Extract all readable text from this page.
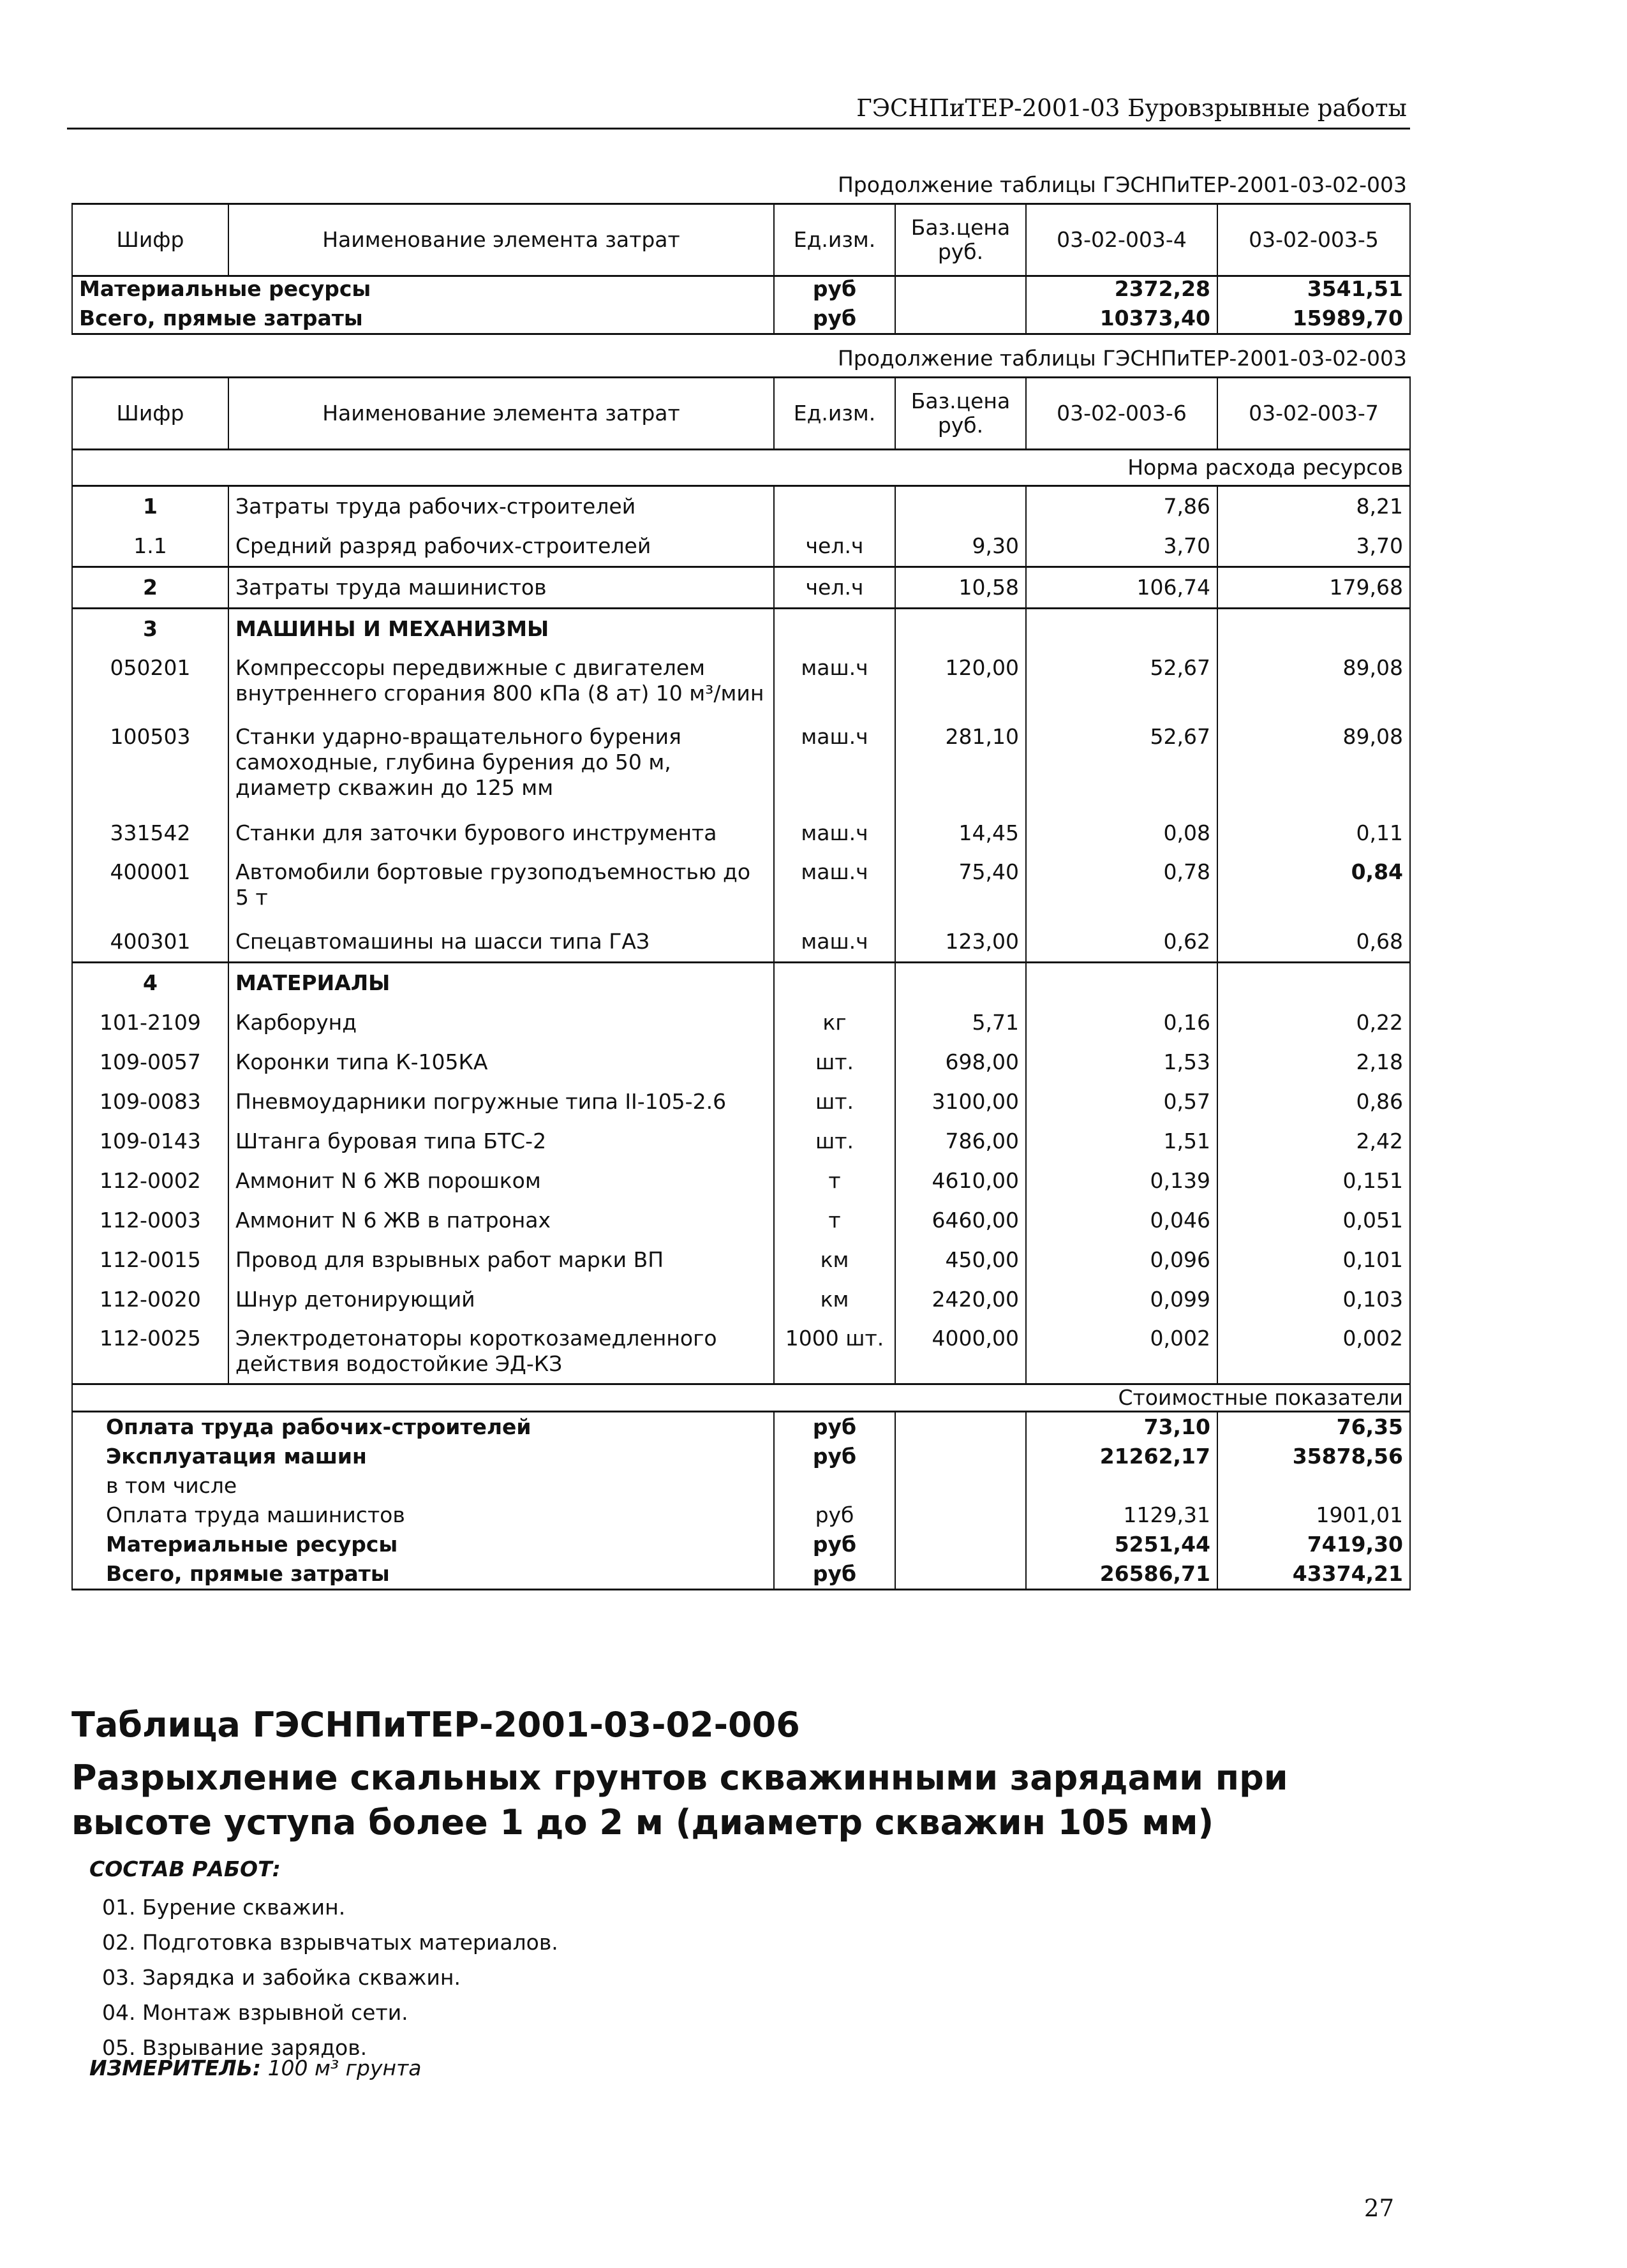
ГЭСНПиТЕР-2001-03 Буровзрывные работы
Продолжение таблицы ГЭСНПиТЕР-2001-03-02-003
Шифр	Наименование элемента затрат	Ед.изм.	Баз.цена руб.	03-02-003-4	03-02-003-5
Материальные ресурсы	руб		2372,28	3541,51
Всего, прямые затраты	руб		10373,40	15989,70
Продолжение таблицы ГЭСНПиТЕР-2001-03-02-003
Шифр	Наименование элемента затрат	Ед.изм.	Баз.цена руб.	03-02-003-6	03-02-003-7
Норма расхода ресурсов					
1	Затраты труда рабочих-строителей			7,86	8,21
1.1	Средний разряд рабочих-строителей	чел.ч	9,30	3,70	3,70
2	Затраты труда машинистов	чел.ч	10,58	106,74	179,68
3	МАШИНЫ И МЕХАНИЗМЫ				
050201	Компрессоры передвижные с двигателем внутреннего сгорания 800 кПа (8 ат) 10 м³/мин	маш.ч	120,00	52,67	89,08
100503	Станки ударно-вращательного бурения самоходные, глубина бурения до 50 м, диаметр скважин до 125 мм	маш.ч	281,10	52,67	89,08
331542	Станки для заточки бурового инструмента	маш.ч	14,45	0,08	0,11
400001	Автомобили бортовые грузоподъемностью до 5 т	маш.ч	75,40	0,78	0,84
400301	Спецавтомашины на шасси типа ГАЗ	маш.ч	123,00	0,62	0,68
4	МАТЕРИАЛЫ				
101-2109	Карборунд	кг	5,71	0,16	0,22
109-0057	Коронки типа К-105КА	шт.	698,00	1,53	2,18
109-0083	Пневмоударники погружные типа II-105-2.6	шт.	3100,00	0,57	0,86
109-0143	Штанга буровая типа БТС-2	шт.	786,00	1,51	2,42
112-0002	Аммонит N 6 ЖВ порошком	т	4610,00	0,139	0,151
112-0003	Аммонит N 6 ЖВ в патронах	т	6460,00	0,046	0,051
112-0015	Провод для взрывных работ марки ВП	км	450,00	0,096	0,101
112-0020	Шнур детонирующий	км	2420,00	0,099	0,103
112-0025	Электродетонаторы короткозамедленного действия водостойкие ЭД-КЗ	1000 шт.	4000,00	0,002	0,002
Стоимостные показатели					
Оплата труда рабочих-строителей		руб		73,10	76,35
Эксплуатация машин		руб		21262,17	35878,56
в том числе					
Оплата труда машинистов		руб		1129,31	1901,01
Материальные ресурсы		руб		5251,44	7419,30
Всего, прямые затраты		руб		26586,71	43374,21
Таблица ГЭСНПиТЕР-2001-03-02-006
Разрыхление скальных грунтов скважинными зарядами при высоте уступа более 1 до 2 м (диаметр скважин 105 мм)
СОСТАВ РАБОТ:
01. Бурение скважин.
02. Подготовка взрывчатых материалов.
03. Зарядка и забойка скважин.
04. Монтаж взрывной сети.
05. Взрывание зарядов.
ИЗМЕРИТЕЛЬ: 100 м³ грунта
27
